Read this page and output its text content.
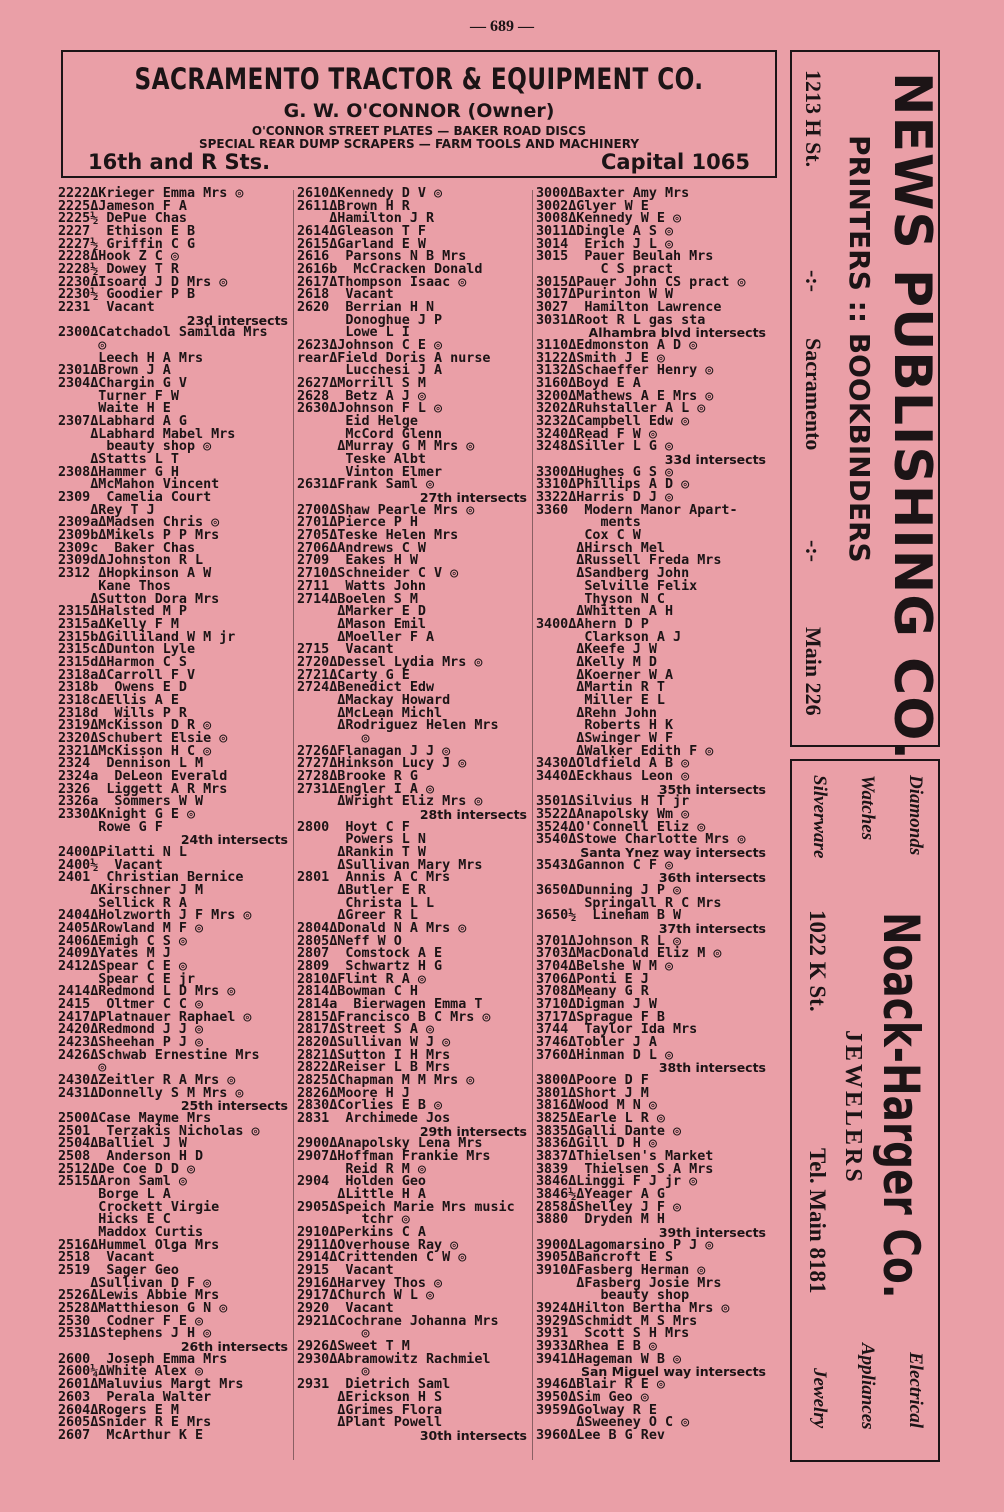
— 689 —
SACRAMENTO TRACTOR & EQUIPMENT CO.
G. W. O'CONNOR (Owner)
O'CONNOR STREET PLATES — BAKER ROAD DISCS
SPECIAL REAR DUMP SCRAPERS — FARM TOOLS AND MACHINERY
16th and R Sts.	Capital 1065
2222ΔKrieger Emma Mrs ◎
2225ΔJameson F A
2225½ DePue Chas
2227  Ethison E B
2227½ Griffin C G
2228ΔHook Z C ◎
2228½ Dowey T R
2230ΔIsoard J D Mrs ◎
2230½ Goodier P B
2231  Vacant
23d intersects
2300ΔCatchadol Samilda Mrs
◎
Leech H A Mrs
2301ΔBrown J A
2304ΔChargin G V
Turner F W
Waite H E
2307ΔLabhard A G
ΔLabhard Mabel Mrs
beauty shop ◎
ΔStatts L T
2308ΔHammer G H
ΔMcMahon Vincent
2309  Camelia Court
ΔRey T J
2309aΔMadsen Chris ◎
2309bΔMikels P P Mrs
2309c  Baker Chas
2309dΔJohnston R L
2312 ΔHopkinson A W
Kane Thos
ΔSutton Dora Mrs
2315ΔHalsted M P
2315aΔKelly F M
2315bΔGilliland W M jr
2315cΔDunton Lyle
2315dΔHarmon C S
2318aΔCarroll F V
2318b  Owens E D
2318cΔEllis A E
2318d  Wills P R
2319ΔMcKisson D R ◎
2320ΔSchubert Elsie ◎
2321ΔMcKisson H C ◎
2324  Dennison L M
2324a  DeLeon Everald
2326  Liggett A R Mrs
2326a  Sommers W W
2330ΔKnight G E ◎
Rowe G F
24th intersects
2400ΔPilatti N L
2400½  Vacant
2401  Christian Bernice
ΔKirschner J M
Sellick R A
2404ΔHolzworth J F Mrs ◎
2405ΔRowland M F ◎
2406ΔEmigh C S ◎
2409ΔYates M J
2412ΔSpear C E ◎
Spear C E jr
2414ΔRedmond L D Mrs ◎
2415  Oltmer C C ◎
2417ΔPlatnauer Raphael ◎
2420ΔRedmond J J ◎
2423ΔSheehan P J ◎
2426ΔSchwab Ernestine Mrs
◎
2430ΔZeitler R A Mrs ◎
2431ΔDonnelly S M Mrs ◎
25th intersects
2500ΔCase Mayme Mrs
2501  Terzakis Nicholas ◎
2504ΔBalliel J W
2508  Anderson H D
2512ΔDe Coe D D ◎
2515ΔAron Saml ◎
Borge L A
Crockett Virgie
Hicks E C
Maddox Curtis
2516ΔHummel Olga Mrs
2518  Vacant
2519  Sager Geo
ΔSullivan D F ◎
2526ΔLewis Abbie Mrs
2528ΔMatthieson G N ◎
2530  Codner F E ◎
2531ΔStephens J H ◎
26th intersects
2600  Joseph Emma Mrs
2600¼ΔWhite Alex ◎
2601ΔMaluvius Margt Mrs
2603  Perala Walter
2604ΔRogers E M
2605ΔSnider R E Mrs
2607  McArthur K E
2610ΔKennedy D V ◎
2611ΔBrown H R
ΔHamilton J R
2614ΔGleason T F
2615ΔGarland E W
2616  Parsons N B Mrs
2616b  McCracken Donald
2617ΔThompson Isaac ◎
2618  Vacant
2620  Berrian H N
Donoghue J P
Lowe L I
2623ΔJohnson C E ◎
rearΔField Doris A nurse
Lucchesi J A
2627ΔMorrill S M
2628  Betz A J ◎
2630ΔJohnson F L ◎
Eid Helge
McCord Glenn
ΔMurray G M Mrs ◎
Teske Albt
Vinton Elmer
2631ΔFrank Saml ◎
27th intersects
2700ΔShaw Pearle Mrs ◎
2701ΔPierce P H
2705ΔTeske Helen Mrs
2706ΔAndrews C W
2709  Eakes H W
2710ΔSchneider C V ◎
2711  Watts John
2714ΔBoelen S M
ΔMarker E D
ΔMason Emil
ΔMoeller F A
2715  Vacant
2720ΔDessel Lydia Mrs ◎
2721ΔCarty G E
2724ΔBenedict Edw
ΔMackay Howard
ΔMcLean Michl
ΔRodriguez Helen Mrs
◎
2726ΔFlanagan J J ◎
2727ΔHinkson Lucy J ◎
2728ΔBrooke R G
2731ΔEngler I A ◎
ΔWright Eliz Mrs ◎
28th intersects
2800  Hoyt C F
Powers L N
ΔRankin T W
ΔSullivan Mary Mrs
2801  Annis A C Mrs
ΔButler E R
Christa L L
ΔGreer R L
2804ΔDonald N A Mrs ◎
2805ΔNeff W O
2807  Comstock A E
2809  Schwartz H G
2810ΔFlint R A ◎
2814ΔBowman C H
2814a  Bierwagen Emma T
2815ΔFrancisco B C Mrs ◎
2817ΔStreet S A ◎
2820ΔSullivan W J ◎
2821ΔSutton I H Mrs
2822ΔReiser L B Mrs
2825ΔChapman M M Mrs ◎
2826ΔMoore H J
2830ΔCorlies E B ◎
2831  Archimede Jos
29th intersects
2900ΔAnapolsky Lena Mrs
2907ΔHoffman Frankie Mrs
Reid R M ◎
2904  Holden Geo
ΔLittle H A
2905ΔSpeich Marie Mrs music
tchr ◎
2910ΔPerkins C A
2911ΔOverhouse Ray ◎
2914ΔCrittenden C W ◎
2915  Vacant
2916ΔHarvey Thos ◎
2917ΔChurch W L ◎
2920  Vacant
2921ΔCochrane Johanna Mrs
◎
2926ΔSweet T M
2930ΔAbramowitz Rachmiel
◎
2931  Dietrich Saml
ΔErickson H S
ΔGrimes Flora
ΔPlant Powell
30th intersects
3000ΔBaxter Amy Mrs
3002ΔGlyer W E
3008ΔKennedy W E ◎
3011ΔDingle A S ◎
3014  Erich J L ◎
3015  Pauer Beulah Mrs
C S pract
3015ΔPauer John CS pract ◎
3017ΔPurinton W W
3027  Hamilton Lawrence
3031ΔRoot R L gas sta
Alhambra blvd intersects
3110ΔEdmonston A D ◎
3122ΔSmith J E ◎
3132ΔSchaeffer Henry ◎
3160ΔBoyd E A
3200ΔMathews A E Mrs ◎
3202ΔRuhstaller A L ◎
3232ΔCampbell Edw ◎
3240ΔRead F W ◎
3248ΔSiller L G ◎
33d intersects
3300ΔHughes G S ◎
3310ΔPhillips A D ◎
3322ΔHarris D J ◎
3360  Modern Manor Apart-
ments
Cox C W
ΔHirsch Mel
ΔRussell Freda Mrs
ΔSandberg John
Selville Felix
Thyson N C
ΔWhitten A H
3400ΔAhern D P
Clarkson A J
ΔKeefe J W
ΔKelly M D
ΔKoerner W A
ΔMartin R T
Miller E L
ΔRehn John
Roberts H K
ΔSwinger W F
ΔWalker Edith F ◎
3430ΔOldfield A B ◎
3440ΔEckhaus Leon ◎
35th intersects
3501ΔSilvius H T jr
3522ΔAnapolsky Wm ◎
3524ΔO'Connell Eliz ◎
3540ΔStowe Charlotte Mrs ◎
Santa Ynez way intersects
3543ΔGannon C F ◎
36th intersects
3650ΔDunning J P ◎
Springall R C Mrs
3650½  Lineham B W
37th intersects
3701ΔJohnson R L ◎
3703ΔMacDonald Eliz M ◎
3704ΔBelshe W M ◎
3706ΔPonti E J
3708ΔMeany G R
3710ΔDigman J W
3717ΔSprague F B
3744  Taylor Ida Mrs
3746ΔTobler J A
3760ΔHinman D L ◎
38th intersects
3800ΔPoore D F
3801ΔShort J M
3816ΔWood M N ◎
3825ΔEarle L R ◎
3835ΔGalli Dante ◎
3836ΔGill D H ◎
3837ΔThielsen's Market
3839  Thielsen S A Mrs
3846ΔLinggi F J jr ◎
3846½ΔYeager A G
2858ΔShelley J F ◎
3880  Dryden M H
39th intersects
3900ΔLagomarsino P J ◎
3905ΔBancroft E S
3910ΔFasberg Herman ◎
ΔFasberg Josie Mrs
beauty shop
3924ΔHilton Bertha Mrs ◎
3929ΔSchmidt M S Mrs
3931  Scott S H Mrs
3933ΔRhea E B ◎
3941ΔHageman W B ◎
San Miguel way intersects
3946ΔBlair R E ◎
3950ΔSim Geo ◎
3959ΔGolway R E
ΔSweeney O C ◎
3960ΔLee B G Rev
NEWS PUBLISHING CO.
PRINTERS :: BOOKBINDERS
1213 H St.
-:-
Sacramento
-:-
Main 226
Diamonds
Watches
Silverware
Noack-Harger Co.
JEWELERS
1022 K St.
Tel. Main 8181
Electrical
Appliances
Jewelry
